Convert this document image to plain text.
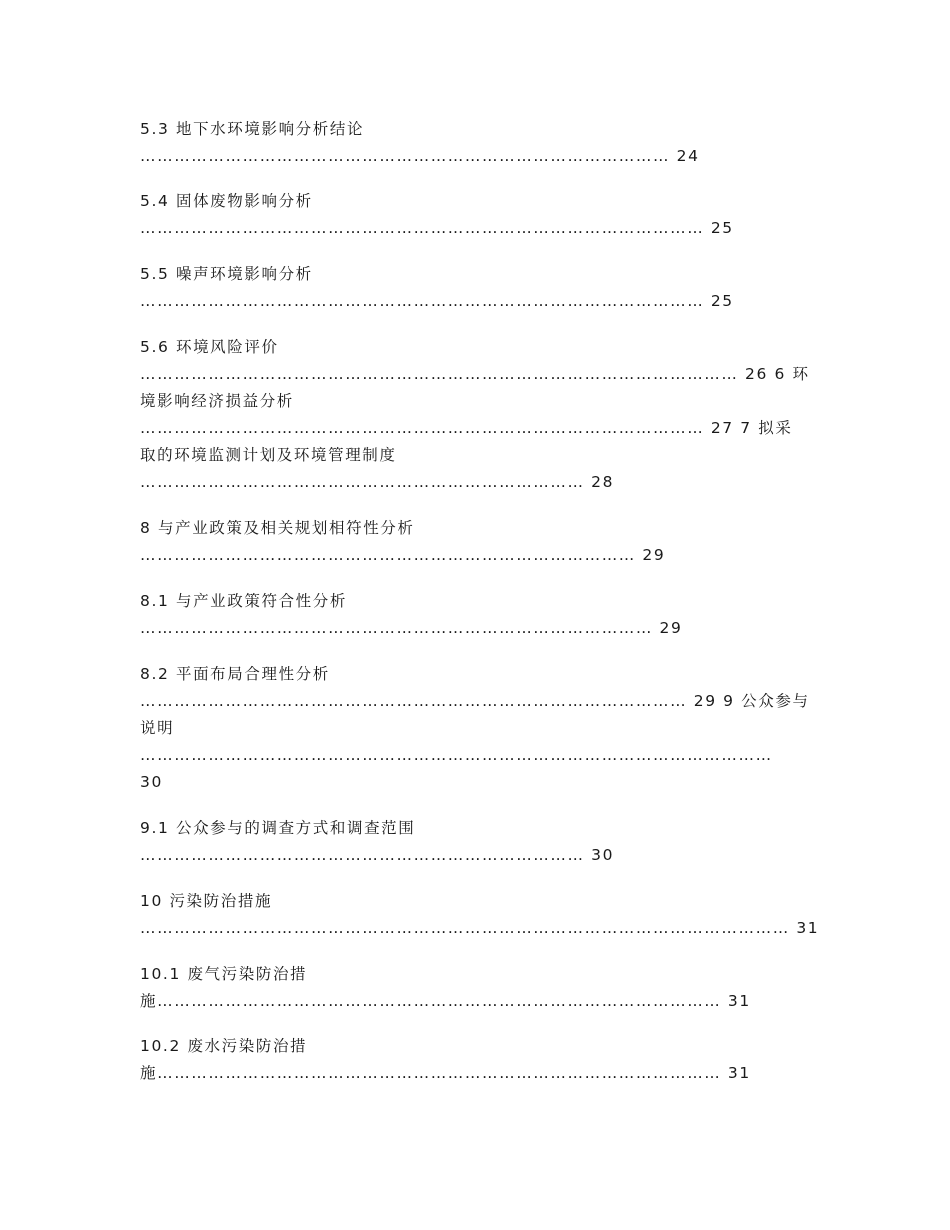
5.3 地下水环境影响分析结论
………………………………………………………………………………… 24
5.4 固体废物影响分析
……………………………………………………………………………………… 25
5.5 噪声环境影响分析
……………………………………………………………………………………… 25
5.6 环境风险评价
…………………………………………………………………………………………… 26 6 环
境影响经济损益分析
……………………………………………………………………………………… 27 7 拟采
取的环境监测计划及环境管理制度
…………………………………………………………………… 28
8 与产业政策及相关规划相符性分析
…………………………………………………………………………… 29
8.1 与产业政策符合性分析
……………………………………………………………………………… 29
8.2 平面布局合理性分析
…………………………………………………………………………………… 29 9 公众参与
说明
…………………………………………………………………………………………………
30
9.1 公众参与的调查方式和调查范围
…………………………………………………………………… 30
10 污染防治措施
…………………………………………………………………………………………………… 31
10.1 废气污染防治措
施……………………………………………………………………………………… 31
10.2 废水污染防治措
施……………………………………………………………………………………… 31
